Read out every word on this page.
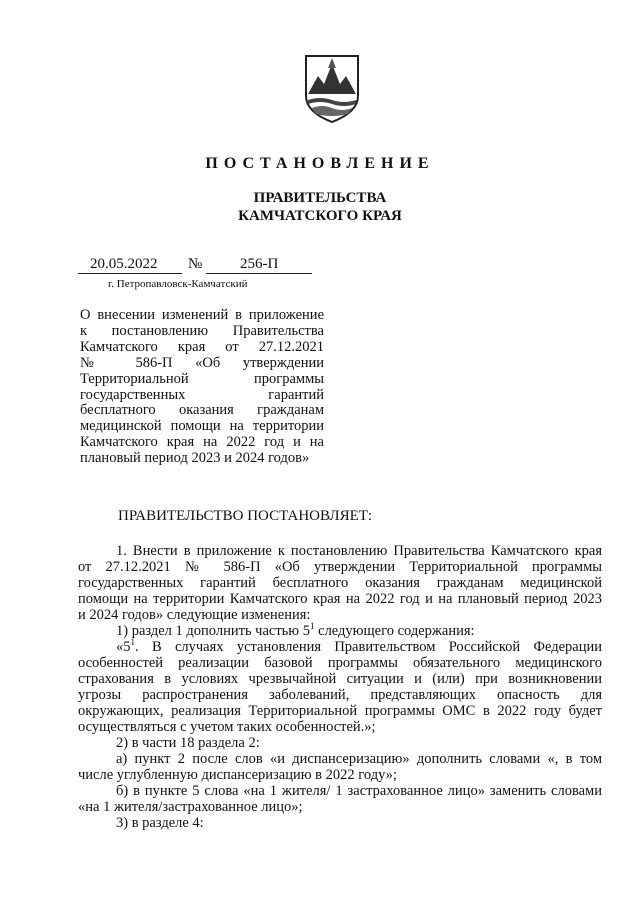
ПОСТАНОВЛЕНИЕ
ПРАВИТЕЛЬСТВА
КАМЧАТСКОГО КРАЯ
20.05.2022 №	256-П
г. Петропавловск-Камчатский
О внесении изменений в приложение
к постановлению Правительства
Камчатского края от 27.12.2021
№ 586-П «Об утверждении
Территориальной программы
государственных гарантий
бесплатного оказания гражданам
медицинской помощи на территории
Камчатского края на 2022 год и на
плановый период 2023 и 2024 годов»
ПРАВИТЕЛЬСТВО ПОСТАНОВЛЯЕТ:
1. Внести в приложение к постановлению Правительства Камчатского края
от 27.12.2021 № 586-П «Об утверждении Территориальной программы
государственных гарантий бесплатного оказания гражданам медицинской
помощи на территории Камчатского края на 2022 год и на плановый период 2023
и 2024 годов» следующие изменения:
1) раздел 1 дополнить частью $5^1$ следующего содержания:
«$5^1$. В случаях установления Правительством Российской Федерации
особенностей реализации базовой программы обязательного медицинского
страхования в условиях чрезвычайной ситуации и (или) при возникновении
угрозы распространения заболеваний, представляющих опасность для
окружающих, реализация Территориальной программы ОМС в 2022 году будет
осуществляться с учетом таких особенностей.»;
2) в части 18 раздела 2:
а) пункт 2 после слов «и диспансеризацию» дополнить словами «, в том
числе углубленную диспансеризацию в 2022 году»;
б) в пункте 5 слова «на 1 жителя/ 1 застрахованное лицо» заменить словами
«на 1 жителя/застрахованное лицо»;
3) в разделе 4:
